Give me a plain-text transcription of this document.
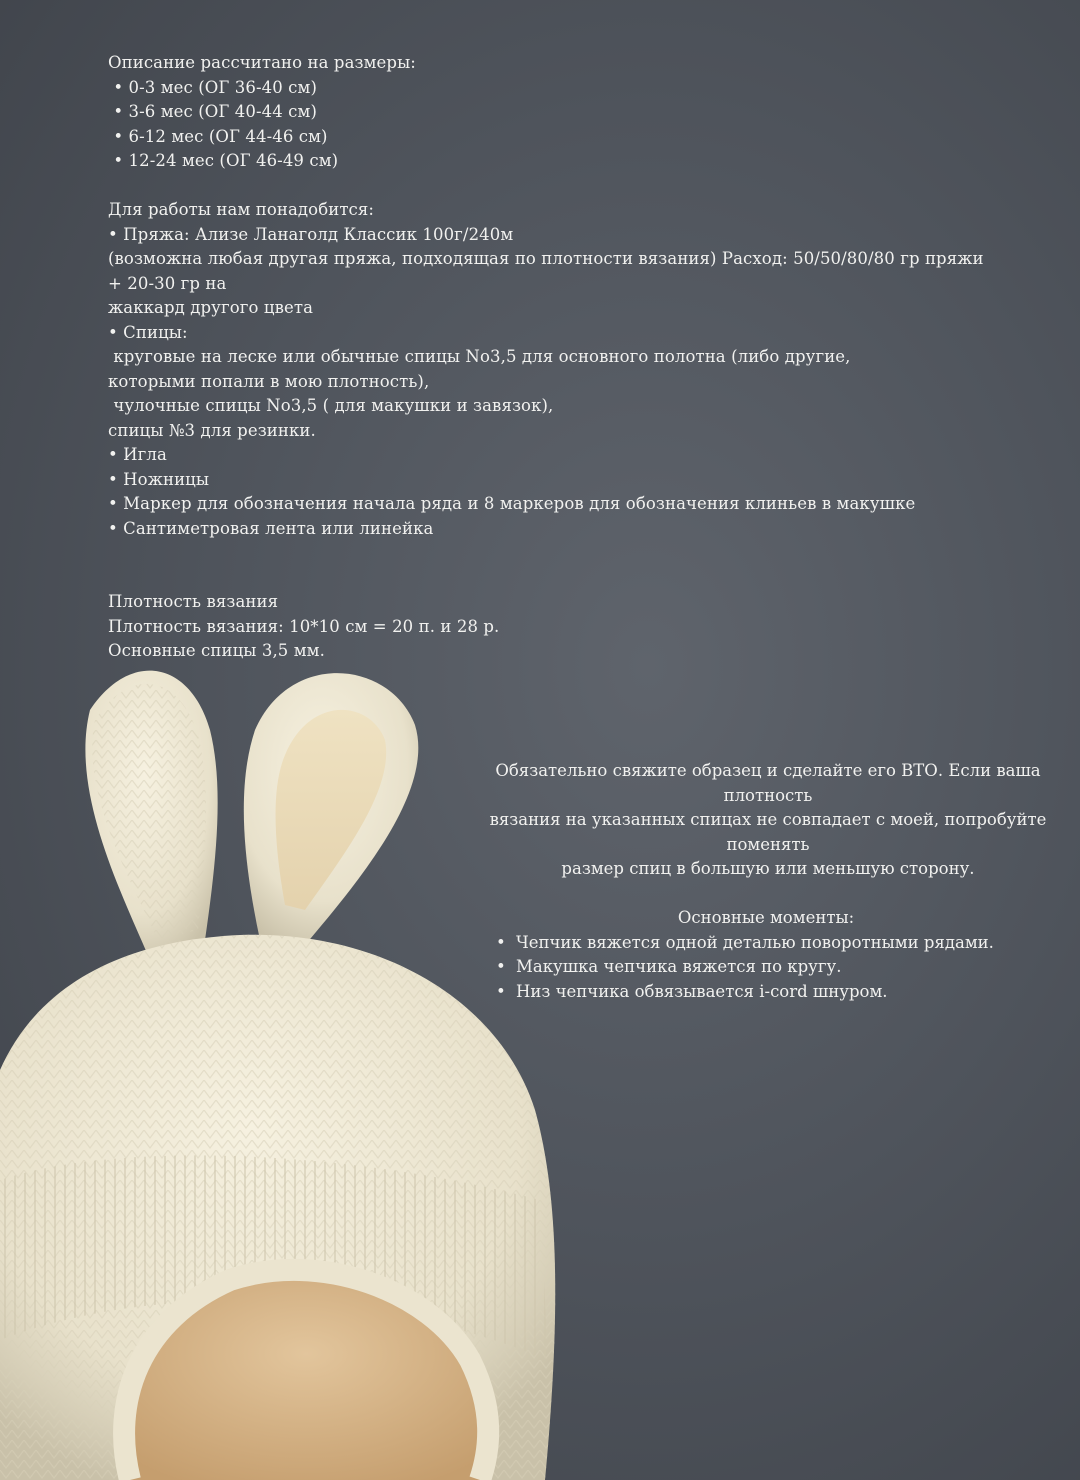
Описание рассчитано на размеры:

• 0-3 мес (ОГ 36-40 см)

• 3-6 мес (ОГ 40-44 см)

• 6-12 мес (ОГ 44-46 см)

• 12-24 мес (ОГ 46-49 см)

Для работы нам понадобится:

• Пряжа: Ализе Ланаголд Классик 100г/240м

(возможна любая другая пряжа, подходящая по плотности вязания) Расход: 50/50/80/80 гр пряжи + 20-30 гр на

жаккард другого цвета

• Спицы:

круговые на леске или обычные спицы No3,5 для основного полотна (либо другие,

которыми попали в мою плотность),

чулочные спицы No3,5 ( для макушки и завязок),

спицы №3 для резинки.

• Игла

• Ножницы

• Маркер для обозначения начала ряда и 8 маркеров для обозначения клиньев в макушке

• Сантиметровая лента или линейка

Плотность вязания

Плотность вязания: 10*10 см = 20 п. и 28 р.

Основные спицы 3,5 мм.

Обязательно свяжите образец и сделайте его ВТО. Если ваша плотность

вязания на указанных спицах не совпадает с моей, попробуйте поменять

размер спиц в большую или меньшую сторону.

Основные моменты:

• Чепчик вяжется одной деталью поворотными рядами.
• Макушка чепчика вяжется по кругу.
• Низ чепчика обвязывается i-cord шнуром.
